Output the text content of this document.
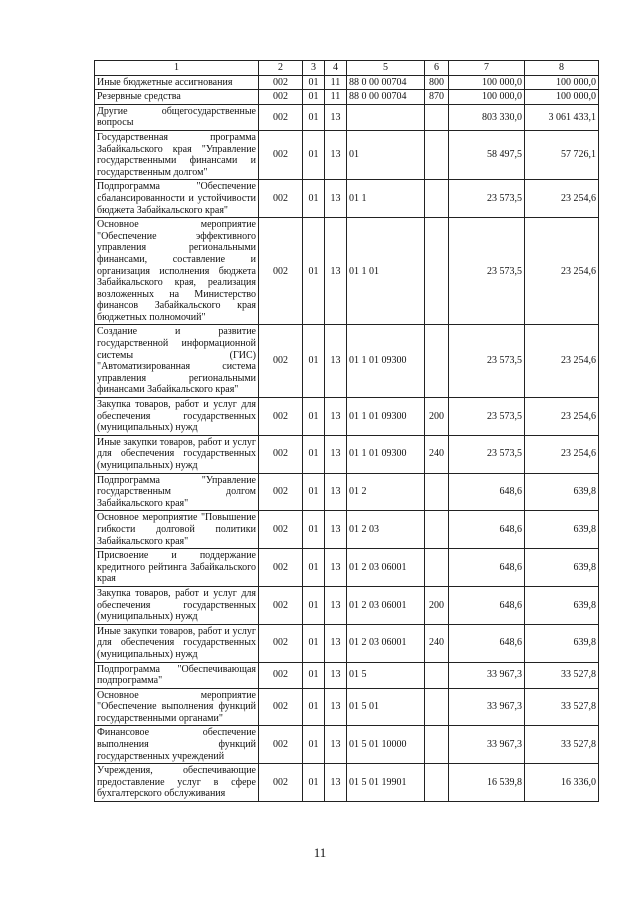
1	2	3	4	5	6	7	8
Иные бюджетные ассигнования	002	01	11	88 0 00 00704	800	100 000,0	100 000,0
Резервные средства	002	01	11	88 0 00 00704	870	100 000,0	100 000,0
Другие общегосударственные вопросы	002	01	13			803 330,0	3 061 433,1
Государственная программа Забайкальского края "Управление государственными финансами и государственным долгом"	002	01	13	01		58 497,5	57 726,1
Подпрограмма "Обеспечение сбалансированности и устойчивости бюджета Забайкальского края"	002	01	13	01 1		23 573,5	23 254,6
Основное мероприятие "Обеспечение эффективного управления региональными финансами, составление и организация исполнения бюджета Забайкальского края, реализация возложенных на Министерство финансов Забайкальского края бюджетных полномочий"	002	01	13	01 1 01		23 573,5	23 254,6
Создание и развитие государственной информационной системы (ГИС) "Автоматизированная система управления региональными финансами Забайкальского края"	002	01	13	01 1 01 09300		23 573,5	23 254,6
Закупка товаров, работ и услуг для обеспечения государственных (муниципальных) нужд	002	01	13	01 1 01 09300	200	23 573,5	23 254,6
Иные закупки товаров, работ и услуг для обеспечения государственных (муниципальных) нужд	002	01	13	01 1 01 09300	240	23 573,5	23 254,6
Подпрограмма "Управление государственным долгом Забайкальского края"	002	01	13	01 2		648,6	639,8
Основное мероприятие "Повышение гибкости долговой политики Забайкальского края"	002	01	13	01 2 03		648,6	639,8
Присвоение и поддержание кредитного рейтинга Забайкальского края	002	01	13	01 2 03 06001		648,6	639,8
Закупка товаров, работ и услуг для обеспечения государственных (муниципальных) нужд	002	01	13	01 2 03 06001	200	648,6	639,8
Иные закупки товаров, работ и услуг для обеспечения государственных (муниципальных) нужд	002	01	13	01 2 03 06001	240	648,6	639,8
Подпрограмма "Обеспечивающая подпрограмма"	002	01	13	01 5		33 967,3	33 527,8
Основное мероприятие "Обеспечение выполнения функций государственными органами"	002	01	13	01 5 01		33 967,3	33 527,8
Финансовое обеспечение выполнения функций государственных учреждений	002	01	13	01 5 01 10000		33 967,3	33 527,8
Учреждения, обеспечивающие предоставление услуг в сфере бухгалтерского обслуживания	002	01	13	01 5 01 19901		16 539,8	16 336,0
11
